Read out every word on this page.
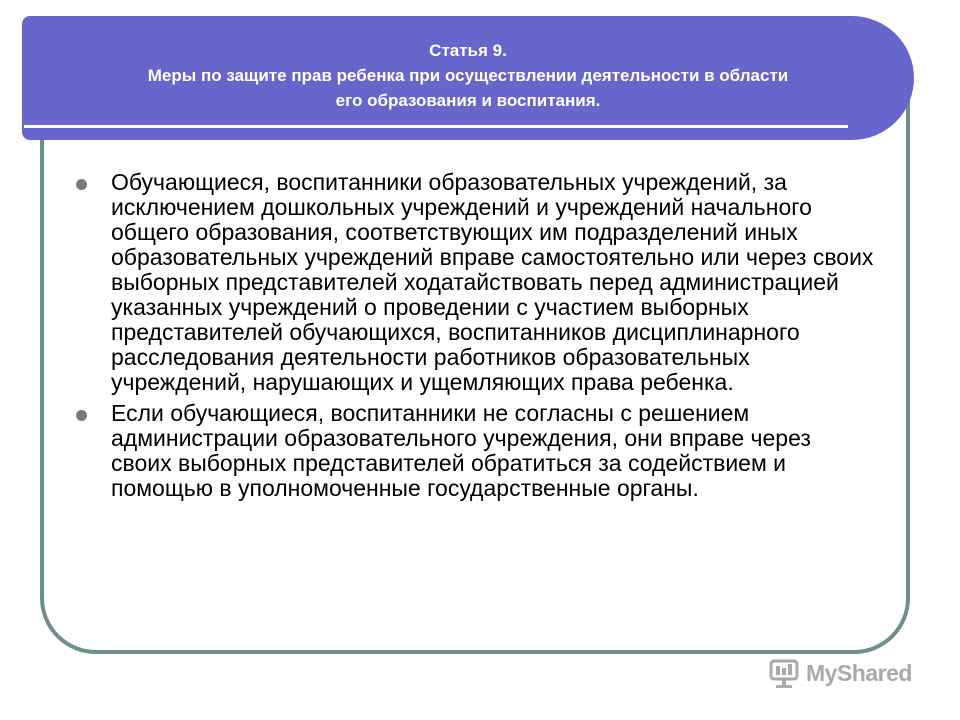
Статья 9.
Меры по защите прав ребенка при осуществлении деятельности в области
его образования и воспитания.
Обучающиеся, воспитанники образовательных учреждений, за исключением дошкольных учреждений и учреждений начального общего образования, соответствующих им подразделений иных образовательных учреждений вправе самостоятельно или через своих выборных представителей ходатайствовать перед администрацией указанных учреждений о проведении с участием выборных представителей обучающихся, воспитанников дисциплинарного расследования деятельности работников образовательных учреждений, нарушающих и ущемляющих права ребенка.
Если обучающиеся, воспитанники не согласны с решением администрации образовательного учреждения, они вправе через своих выборных представителей обратиться за содействием и помощью в уполномоченные государственные органы.
MyShared
